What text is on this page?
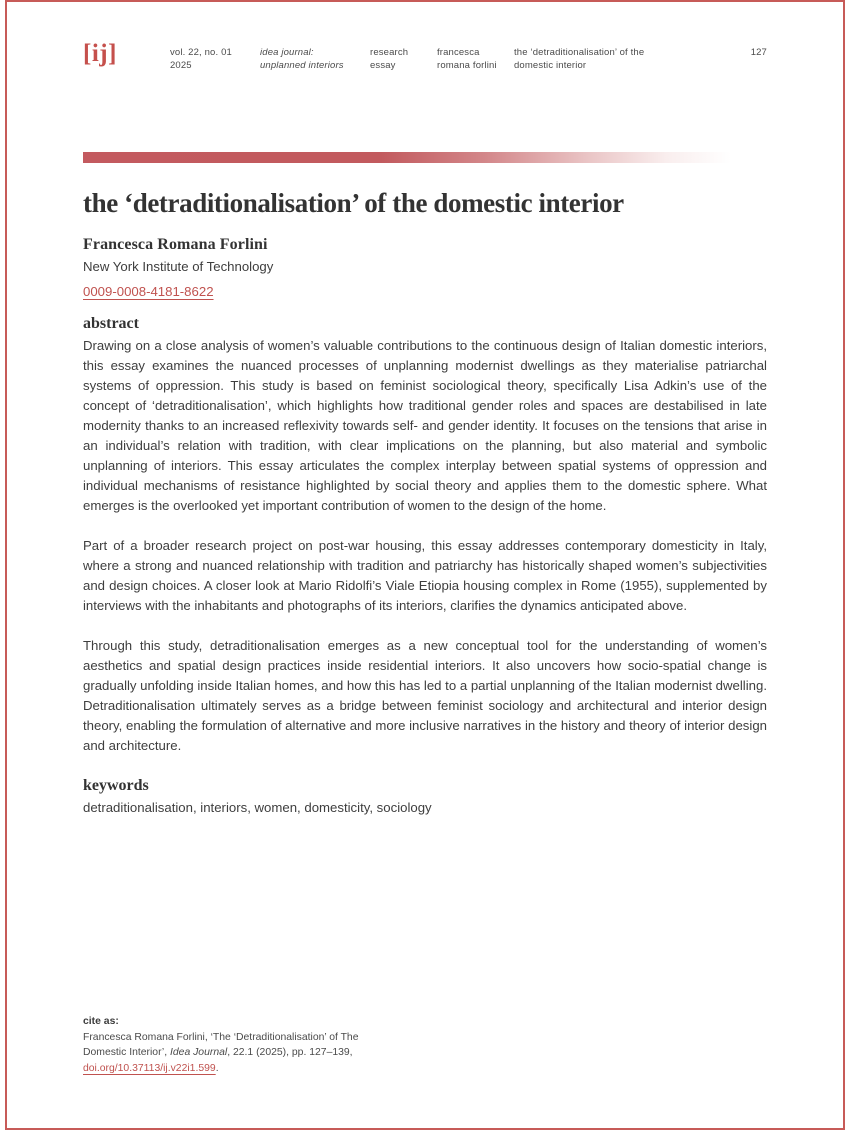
[ij]	vol. 22, no. 01
2025
idea journal:
unplanned interiors
research
essay
francesca
romana forlini
the ‘detraditionalisation’ of the
domestic interior
127
the ‘detraditionalisation’ of the domestic interior
Francesca Romana Forlini
New York Institute of Technology
0009-0008-4181-8622
abstract

Drawing on a close analysis of women’s valuable contributions to the continuous design of Italian domestic interiors, this essay examines the nuanced processes of unplanning modernist dwellings as they materialise patriarchal systems of oppression. This study is based on feminist sociological theory, specifically Lisa Adkin’s use of the concept of ‘detraditionalisation’, which highlights how traditional gender roles and spaces are destabilised in late modernity thanks to an increased reflexivity towards self- and gender identity. It focuses on the tensions that arise in an individual’s relation with tradition, with clear implications on the planning, but also material and symbolic unplanning of interiors. This essay articulates the complex interplay between spatial systems of oppression and individual mechanisms of resistance highlighted by social theory and applies them to the domestic sphere. What emerges is the overlooked yet important contribution of women to the design of the home.

Part of a broader research project on post-war housing, this essay addresses contemporary domesticity in Italy, where a strong and nuanced relationship with tradition and patriarchy has historically shaped women’s subjectivities and design choices. A closer look at Mario Ridolfi’s Viale Etiopia housing complex in Rome (1955), supplemented by interviews with the inhabitants and photographs of its interiors, clarifies the dynamics anticipated above.

Through this study, detraditionalisation emerges as a new conceptual tool for the understanding of women’s aesthetics and spatial design practices inside residential interiors. It also uncovers how socio-spatial change is gradually unfolding inside Italian homes, and how this has led to a partial unplanning of the Italian modernist dwelling. Detraditionalisation ultimately serves as a bridge between feminist sociology and architectural and interior design theory, enabling the formulation of alternative and more inclusive narratives in the history and theory of interior design and architecture.

keywords
detraditionalisation, interiors, women, domesticity, sociology
cite as:
Francesca Romana Forlini, ‘The ‘Detraditionalisation’ of The Domestic Interior’, Idea Journal, 22.1 (2025), pp. 127–139, doi.org/10.37113/ij.v22i1.599.
